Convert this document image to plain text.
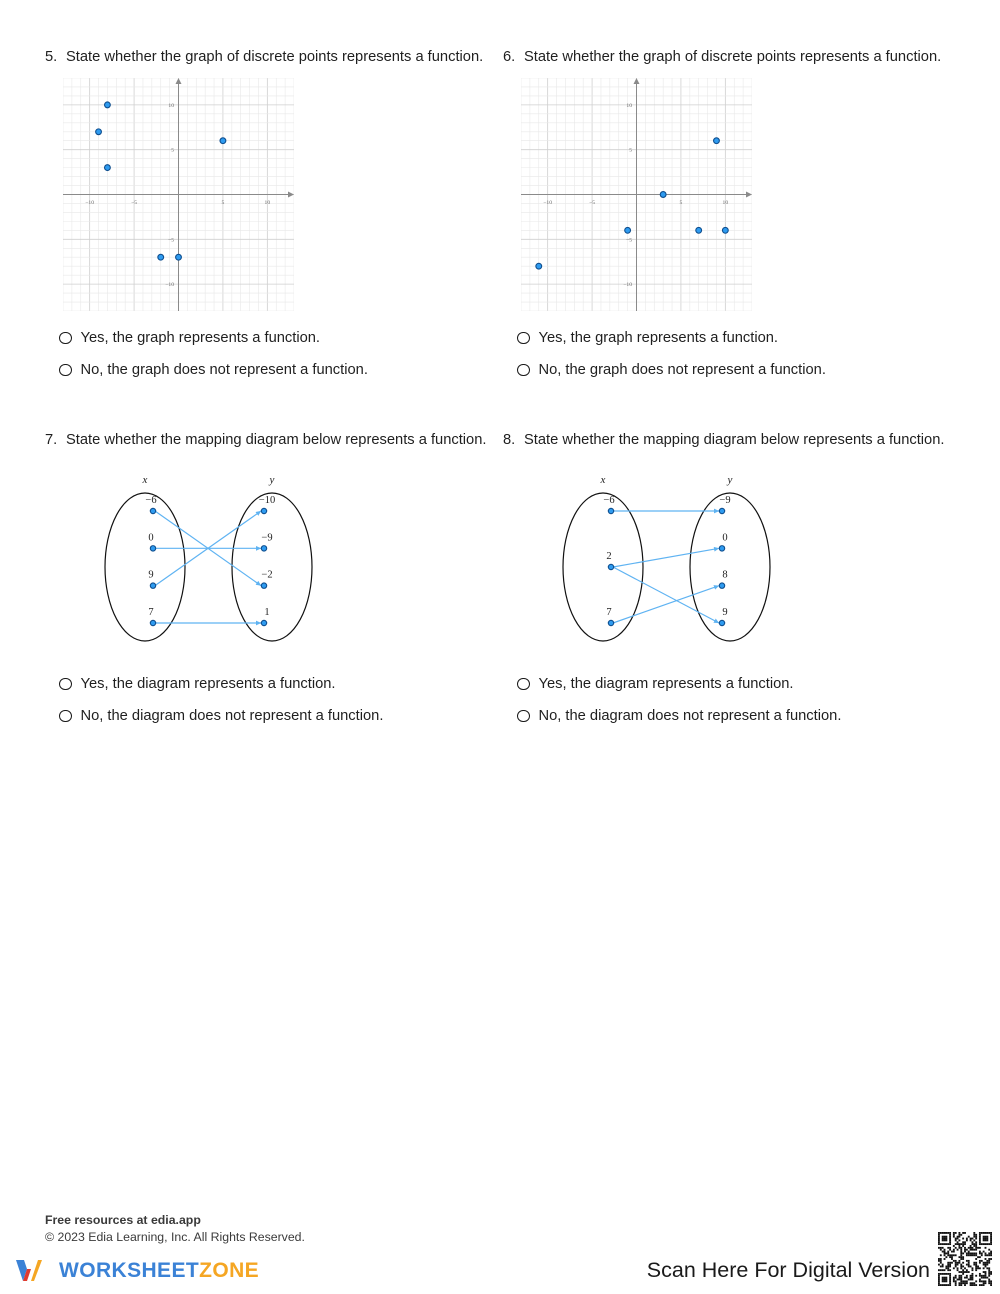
5. State whether the graph of discrete points represents a function.
−10	−5	5	10
10
5
−5
−10
Yes, the graph represents a function.
No, the graph does not represent a function.
6. State whether the graph of discrete points represents a function.
−10	−5	5	10
10
5
−5
−10
Yes, the graph represents a function.
No, the graph does not represent a function.
7. State whether the mapping diagram below represents a function.
x	y
−6
0
9
7
−10
−9
−2
1
Yes, the diagram represents a function.
No, the diagram does not represent a function.
8. State whether the mapping diagram below represents a function.
x	y
−6
2
7
−9
0
8
9
Yes, the diagram represents a function.
No, the diagram does not represent a function.
Free resources at edia.app
© 2023 Edia Learning, Inc. All Rights Reserved.
WORKSHEETZONE	Scan Here For Digital Version
